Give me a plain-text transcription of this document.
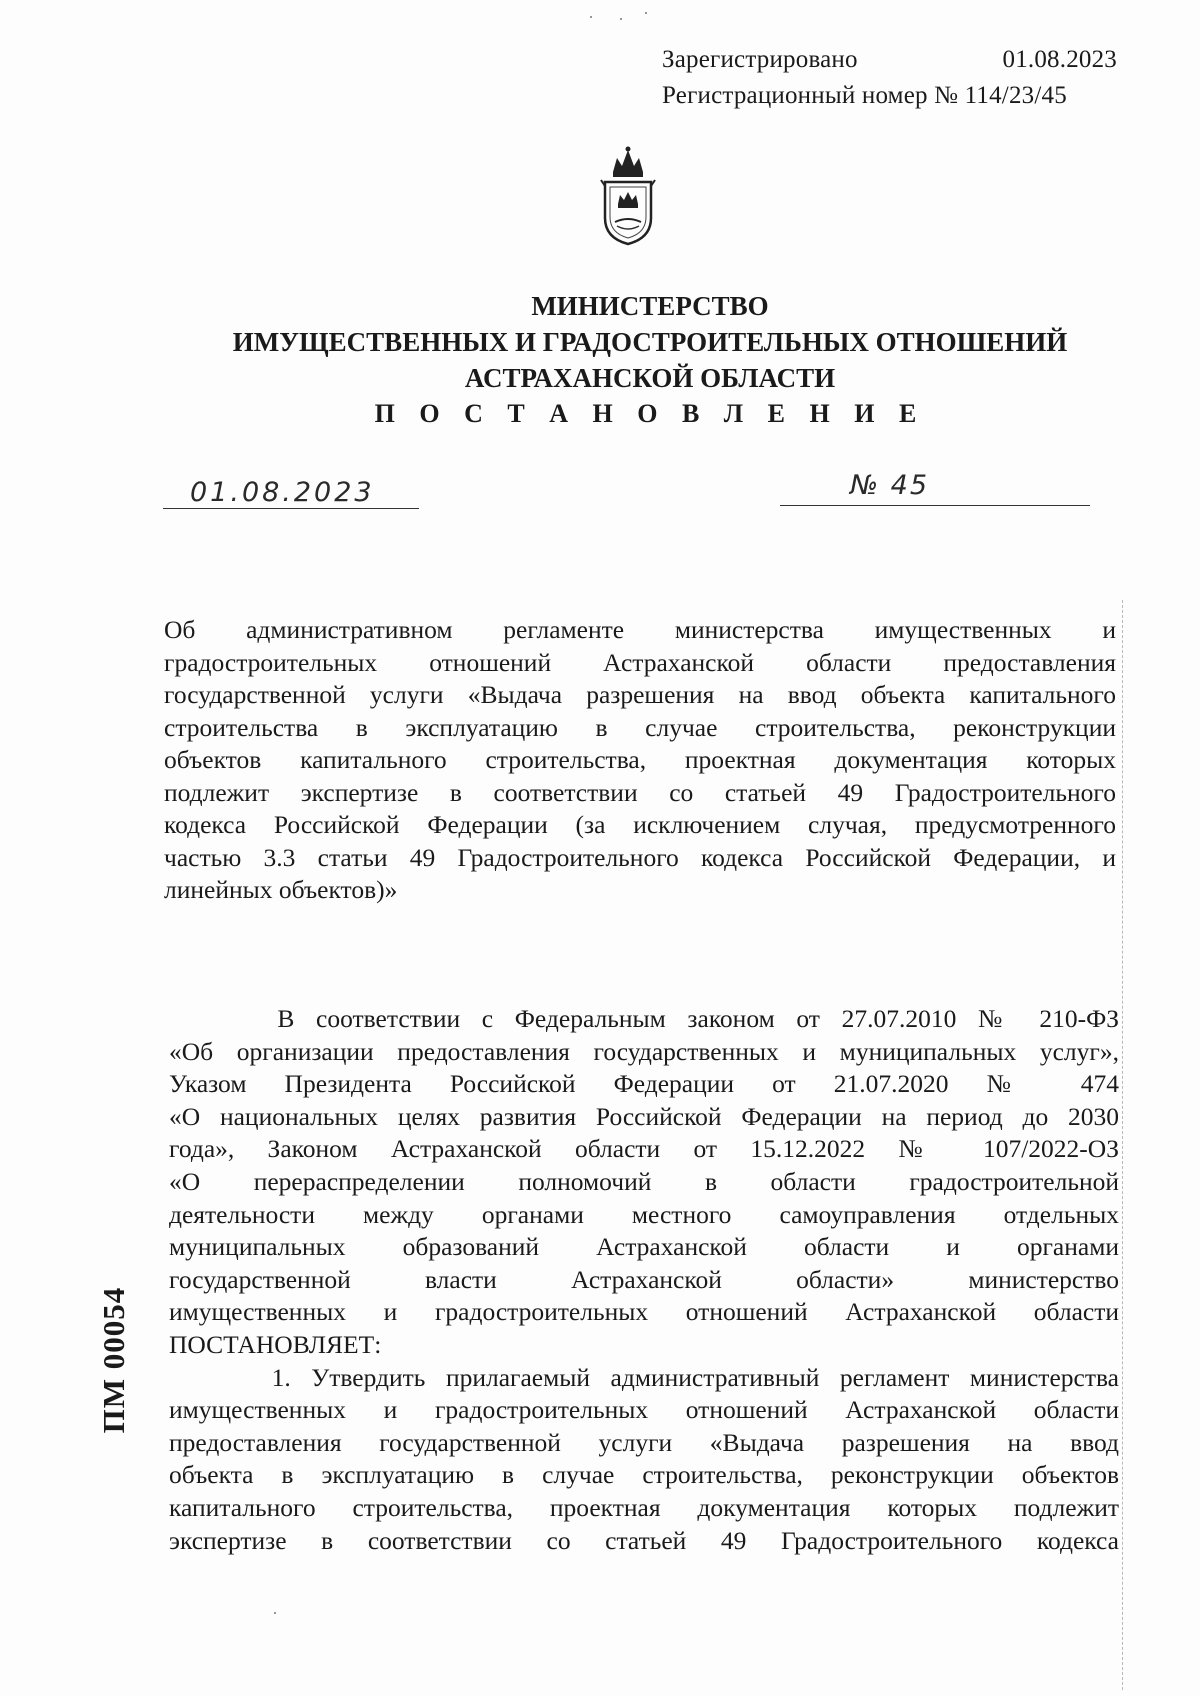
Зарегистрировано	01.08.2023
Регистрационный номер № 114/23/45
МИНИСТЕРСТВО
ИМУЩЕСТВЕННЫХ И ГРАДОСТРОИТЕЛЬНЫХ ОТНОШЕНИЙ
АСТРАХАНСКОЙ ОБЛАСТИ
П О С Т А Н О В Л Е Н И Е
01.08.2023	№ 45
Об административном регламенте министерства имущественных и
градостроительных отношений Астраханской области предоставления
государственной услуги «Выдача разрешения на ввод объекта капитального
строительства в эксплуатацию в случае строительства, реконструкции
объектов капитального строительства, проектная документация которых
подлежит экспертизе в соответствии со статьей 49 Градостроительного
кодекса Российской Федерации (за исключением случая, предусмотренного
частью 3.3 статьи 49 Градостроительного кодекса Российской Федерации, и
линейных объектов)»
В соответствии с Федеральным законом от 27.07.2010 № 210-ФЗ
«Об организации предоставления государственных и муниципальных услуг»,
Указом Президента Российской Федерации от 21.07.2020 № 474
«О национальных целях развития Российской Федерации на период до 2030
года», Законом Астраханской области от 15.12.2022 № 107/2022-ОЗ
«О перераспределении полномочий в области градостроительной
деятельности между органами местного самоуправления отдельных
муниципальных образований Астраханской области и органами
государственной власти Астраханской области» министерство
имущественных и градостроительных отношений Астраханской области
ПОСТАНОВЛЯЕТ:
1. Утвердить прилагаемый административный регламент министерства
имущественных и градостроительных отношений Астраханской области
предоставления государственной услуги «Выдача разрешения на ввод
объекта в эксплуатацию в случае строительства, реконструкции объектов
капитального строительства, проектная документация которых подлежит
экспертизе в соответствии со статьей 49 Градостроительного кодекса
ПМ 00054
